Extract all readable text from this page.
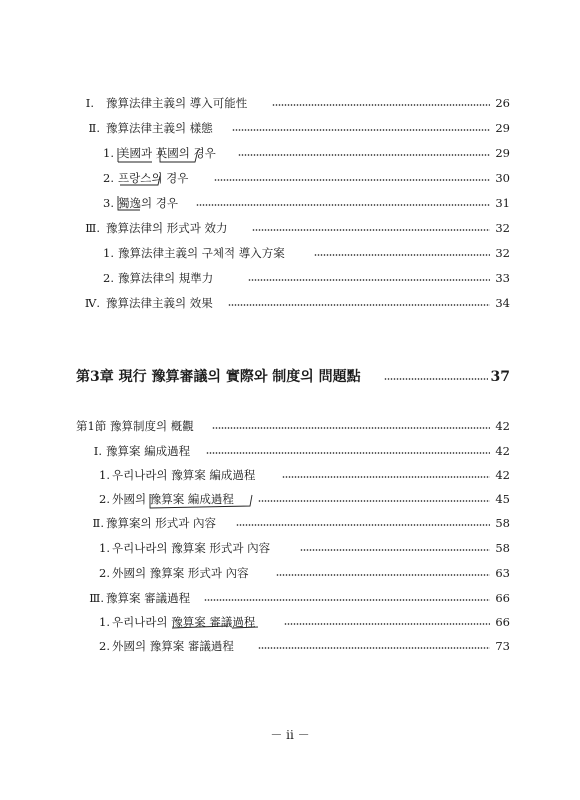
Ⅰ. 豫算法律主義의 導入可能性	26
Ⅱ. 豫算法律主義의 樣態	29
1. 美國과 英國의 경우	29
2. 프랑스의 경우	30
3. 獨逸의 경우	31
Ⅲ. 豫算法律의 形式과 效力	32
1. 豫算法律主義의 구체적 導入方案	32
2. 豫算法律의 規準力	33
Ⅳ. 豫算法律主義의 效果	34
第3章 現行 豫算審議의 實際와 制度의 問題點	37
第1節 豫算制度의 槪觀	42
Ⅰ. 豫算案 編成過程	42
1. 우리나라의 豫算案 編成過程	42
2. 外國의 豫算案 編成過程	45
Ⅱ. 豫算案의 形式과 內容	58
1. 우리나라의 豫算案 形式과 內容	58
2. 外國의 豫算案 形式과 內容	63
Ⅲ. 豫算案 審議過程	66
1. 우리나라의 豫算案 審議過程	66
2. 外國의 豫算案 審議過程	73
－ ii －
